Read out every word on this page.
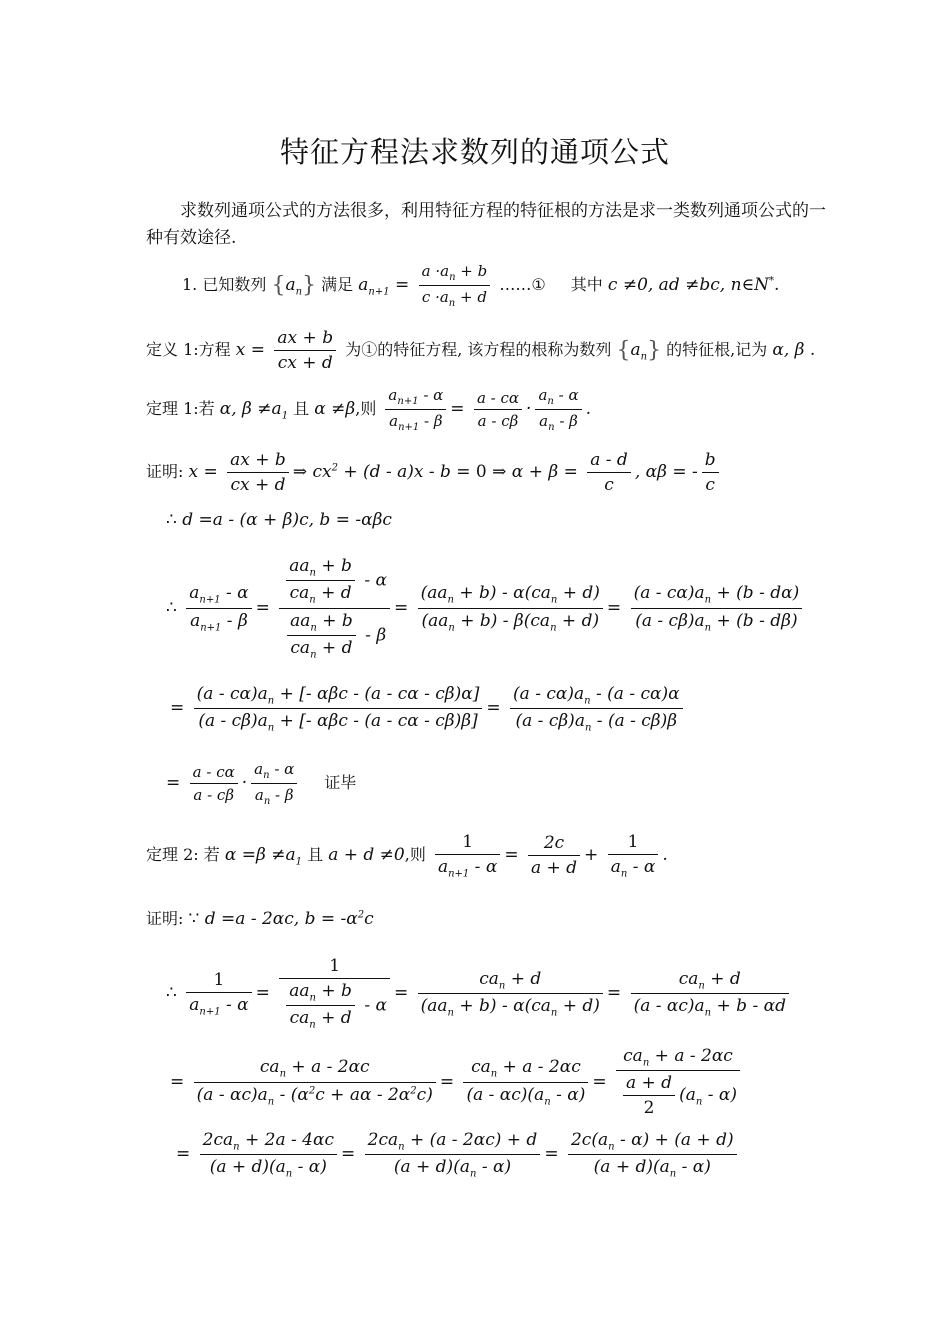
特征方程法求数列的通项公式
求数列通项公式的方法很多，利用特征方程的特征根的方法是求一类数列通项公式的一种有效途径.
1. 已知数列 $\{a_n\}$ 满足 $a_{n+1} = \frac{a \cdot a_n + b}{c \cdot a_n + d}$ ……① 其中 c ≠0, ad ≠bc, n∈N*.
定义 1:方程 $x = \frac{ax + b}{cx + d}$ 为①的特征方程, 该方程的根称为数列 $\{a_n\}$ 的特征根,记为 α, β .
定理 1:若 α, $\beta \ne a_1$ 且 α ≠β,则 $\frac{a_{n+1} - \alpha}{a_{n+1} - \beta} = \frac{a - c\alpha}{a - c\beta} \cdot \frac{a_n - \alpha}{a_n - \beta}$ .
证明: $x = \frac{ax + b}{cx + d}$ ⇒ $cx^2 + (d - a)x - b = 0$ ⇒ $\alpha + \beta = \frac{a - d}{c}$ , αβ = - $\frac{b}{c}$
∴ d =a - (α + β)c, b = -αβc
∴ $\frac{a_{n+1} - \alpha}{a_{n+1} - \beta} = \frac{\frac{aa_n + b}{ca_n + d} - \alpha}{\frac{aa_n + b}{ca_n + d} - \beta} = \frac{(aa_n + b) - \alpha(ca_n + d)}{(aa_n + b) - \beta(ca_n + d)} = \frac{(a - c\alpha)a_n + (b - d\alpha)}{(a - c\beta)a_n + (b - d\beta)}$
= $\frac{(a - c\alpha)a_n + [- \alpha\beta c - (a - c\alpha - c\beta)\alpha]}{(a - c\beta)a_n + [- \alpha\beta c - (a - c\alpha - c\beta)\beta]} = \frac{(a - c\alpha)a_n - (a - c\alpha)\alpha}{(a - c\beta)a_n - (a - c\beta)\beta}$
= $\frac{a - c\alpha}{a - c\beta} \cdot \frac{a_n - \alpha}{a_n - \beta}$ 证毕
定理 2: 若 $\alpha =\beta \ne a_1$ 且 a + d ≠0,则 $\frac{1}{a_{n+1} - \alpha} = \frac{2c}{a + d} + \frac{1}{a_n - \alpha}$ .
证明: ∵ d =a - 2αc, $b = -\alpha^2c$
∴ $\frac{1}{a_{n+1} - \alpha} = \frac{1}{\frac{aa_n + b}{ca_n + d} - \alpha} = \frac{ca_n + d}{(aa_n + b) - \alpha(ca_n + d)} = \frac{ca_n + d}{(a - \alpha c)a_n + b - \alpha d}$
= $\frac{ca_n + a - 2\alpha c}{(a - \alpha c)a_n - (\alpha^2c + a\alpha - 2\alpha^2c)} = \frac{ca_n + a - 2\alpha c}{(a - \alpha c)(a_n - \alpha)} = \frac{ca_n + a - 2\alpha c}{\frac{a + d}{2} (a_n - \alpha)}$
= $\frac{2ca_n + 2a - 4\alpha c}{(a + d)(a_n - \alpha)} = \frac{2ca_n + (a - 2\alpha c) + d}{(a + d)(a_n - \alpha)} = \frac{2c(a_n - \alpha) + (a + d)}{(a + d)(a_n - \alpha)}$
